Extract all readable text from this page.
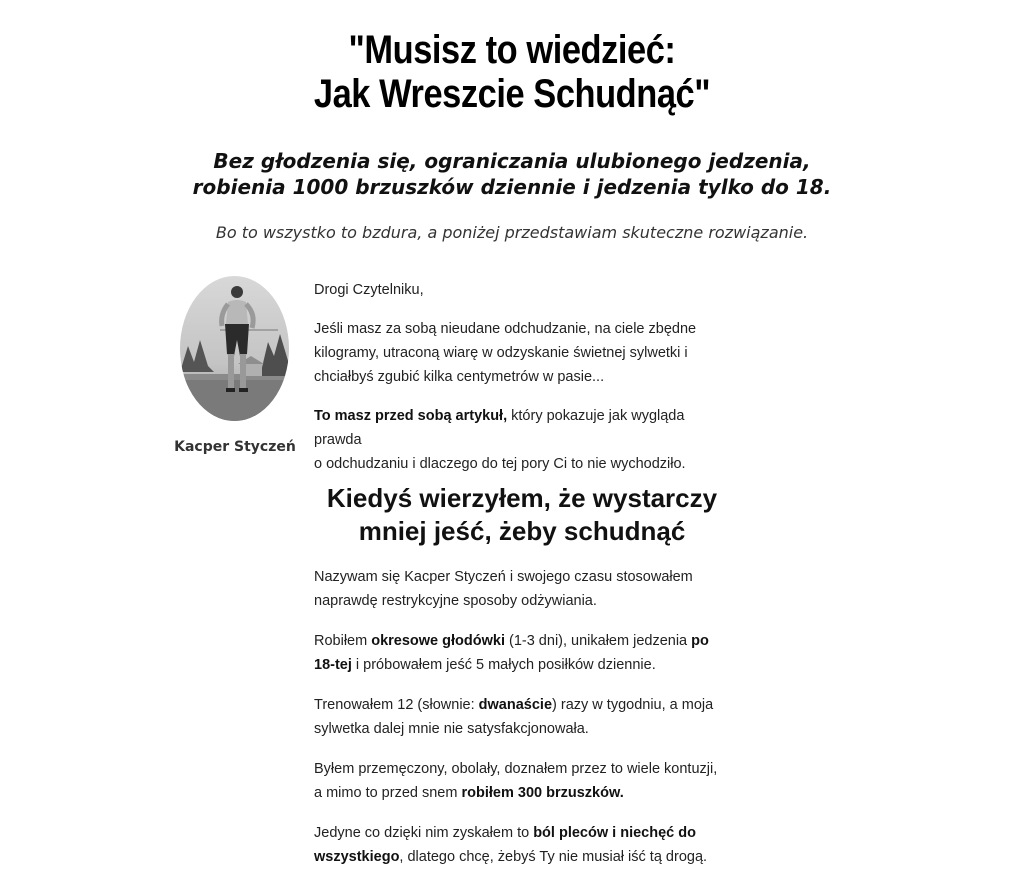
"Musisz to wiedzieć:
Jak Wreszcie Schudnąć"
Bez głodzenia się, ograniczania ulubionego jedzenia,
robienia 1000 brzuszków dziennie i jedzenia tylko do 18.

Bo to wszystko to bzdura, a poniżej przedstawiam skuteczne rozwiązanie.

Kacper Styczeń

Drogi Czytelniku,

Jeśli masz za sobą nieudane odchudzanie, na ciele zbędne
kilogramy, utraconą wiarę w odzyskanie świetnej sylwetki i
chciałbyś zgubić kilka centymetrów w pasie...

To masz przed sobą artykuł, który pokazuje jak wygląda prawda
o odchudzaniu i dlaczego do tej pory Ci to nie wychodziło.

Kiedyś wierzyłem, że wystarczy
mniej jeść, żeby schudnąć

Nazywam się Kacper Styczeń i swojego czasu stosowałem
naprawdę restrykcyjne sposoby odżywiania.

Robiłem okresowe głodówki (1-3 dni), unikałem jedzenia po
18-tej i próbowałem jeść 5 małych posiłków dziennie.

Trenowałem 12 (słownie: dwanaście) razy w tygodniu, a moja
sylwetka dalej mnie nie satysfakcjonowała.

Byłem przemęczony, obolały, doznałem przez to wiele kontuzji,
a mimo to przed snem robiłem 300 brzuszków.

Jedyne co dzięki nim zyskałem to ból pleców i niechęć do
wszystkiego, dlatego chcę, żebyś Ty nie musiał iść tą drogą.
